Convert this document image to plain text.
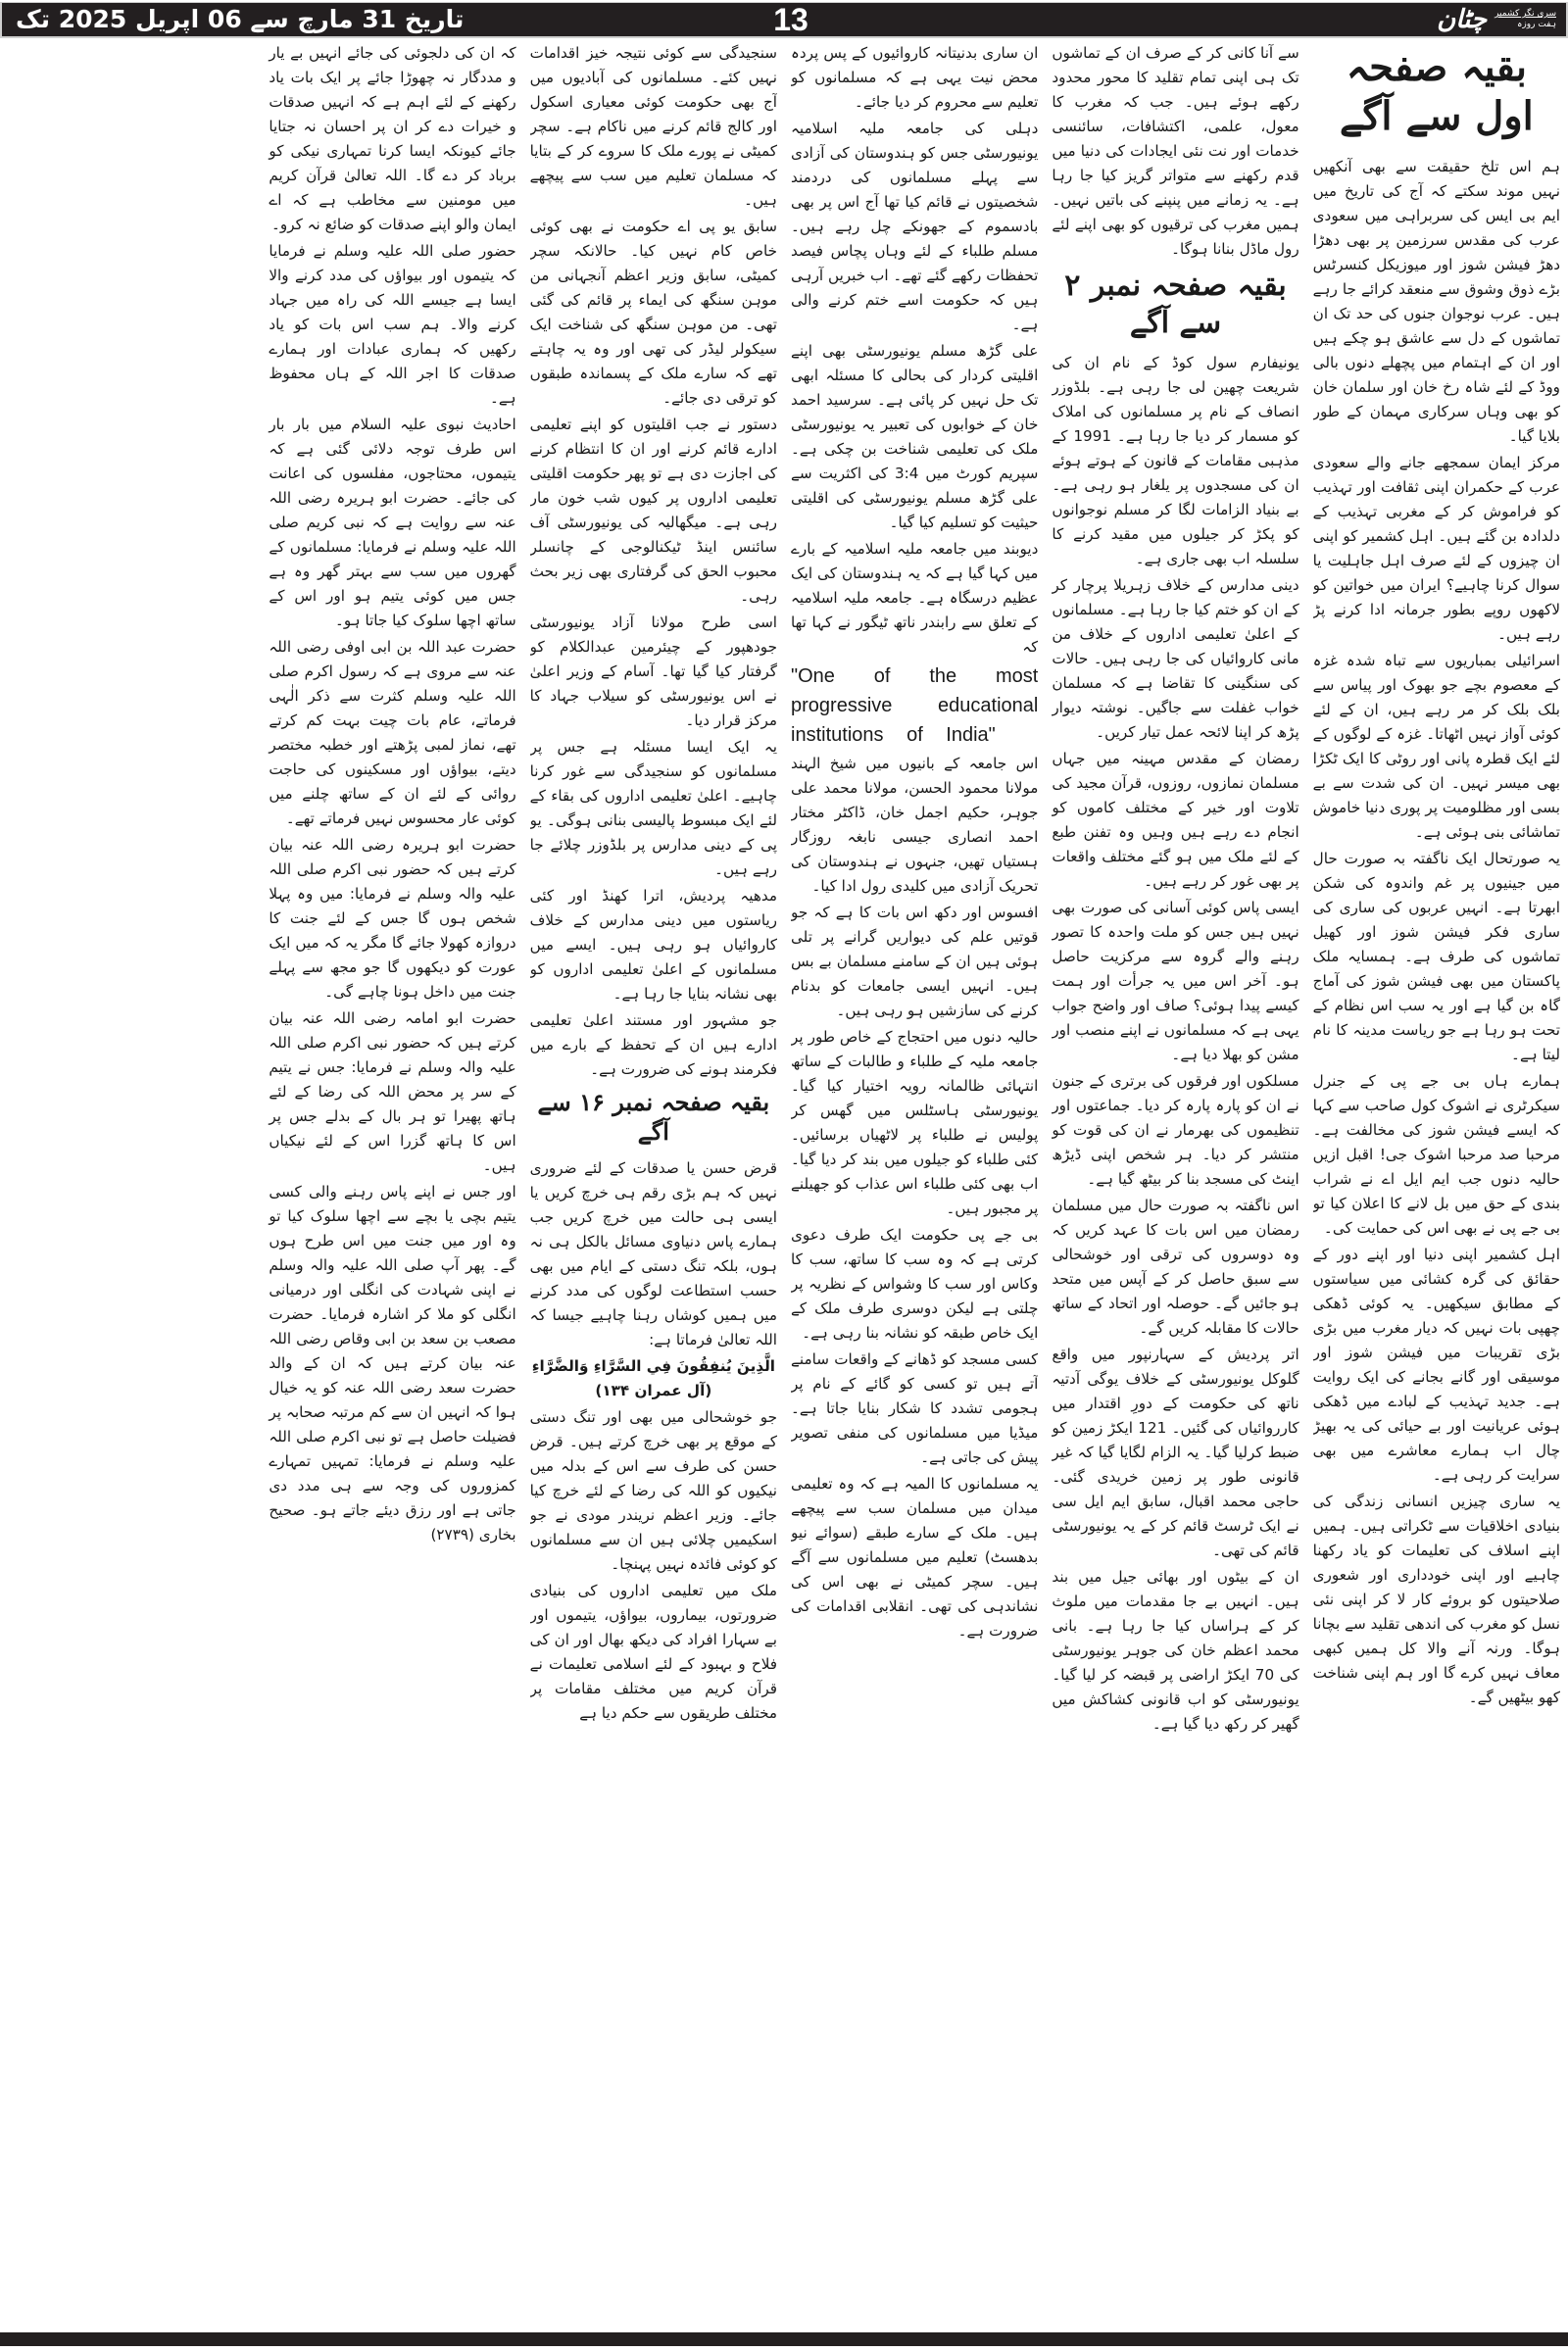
سری نگر کشمیر
ہفت روزہ
چٹان
13
تاریخ 31 مارچ سے 06 اپریل 2025 تک
بقیہ صفحہ اول سے آگے

ہم اس تلخ حقیقت سے بھی آنکھیں نہیں موند سکتے کہ آج کی تاریخ میں ایم بی ایس کی سربراہی میں سعودی عرب کی مقدس سرزمین پر بھی دھڑا دھڑ فیشن شوز اور میوزیکل کنسرٹس بڑے ذوق وشوق سے منعقد کرائے جا رہے ہیں۔ عرب نوجوان جنوں کی حد تک ان تماشوں کے دل سے عاشق ہو چکے ہیں اور ان کے اہتمام میں پچھلے دنوں بالی ووڈ کے لئے شاہ رخ خان اور سلمان خان کو بھی وہاں سرکاری مہمان کے طور بلایا گیا۔

مرکز ایمان سمجھے جانے والے سعودی عرب کے حکمران اپنی ثقافت اور تہذیب کو فراموش کر کے مغربی تہذیب کے دلدادہ بن گئے ہیں۔ اہل کشمیر کو اپنی ان چیزوں کے لئے صرف اہل جاہلیت یا سوال کرنا چاہیے؟ ایران میں خواتین کو لاکھوں روپے بطور جرمانہ ادا کرنے پڑ رہے ہیں۔

اسرائیلی بمباریوں سے تباہ شدہ غزہ کے معصوم بچے جو بھوک اور پیاس سے بلک بلک کر مر رہے ہیں، ان کے لئے کوئی آواز نہیں اٹھاتا۔ غزہ کے لوگوں کے لئے ایک قطرہ پانی اور روٹی کا ایک ٹکڑا بھی میسر نہیں۔ ان کی شدت سے بے بسی اور مظلومیت پر پوری دنیا خاموش تماشائی بنی ہوئی ہے۔

یہ صورتحال ایک ناگفتہ بہ صورت حال میں جینیوں پر غم واندوہ کی شکن ابھرتا ہے۔ انہیں عربوں کی ساری کی ساری فکر فیشن شوز اور کھیل تماشوں کی طرف ہے۔ ہمسایہ ملک پاکستان میں بھی فیشن شوز کی آماج گاہ بن گیا ہے اور یہ سب اس نظام کے تحت ہو رہا ہے جو ریاست مدینہ کا نام لیتا ہے۔

ہمارے ہاں بی جے پی کے جنرل سیکرٹری نے اشوک کول صاحب سے کہا کہ ایسے فیشن شوز کی مخالفت ہے۔ مرحبا صد مرحبا اشوک جی! اقبل ازیں حالیہ دنوں جب ایم ایل اے نے شراب بندی کے حق میں بل لانے کا اعلان کیا تو بی جے پی نے بھی اس کی حمایت کی۔

اہل کشمیر اپنی دنیا اور اپنے دور کے حقائق کی گرہ کشائی میں سیاستوں کے مطابق سیکھیں۔ یہ کوئی ڈھکی چھپی بات نہیں کہ دیار مغرب میں بڑی بڑی تقریبات میں فیشن شوز اور موسیقی اور گانے بجانے کی ایک روایت ہے۔ جدید تہذیب کے لبادے میں ڈھکی ہوئی عریانیت اور بے حیائی کی یہ بھیڑ چال اب ہمارے معاشرے میں بھی سرایت کر رہی ہے۔

یہ ساری چیزیں انسانی زندگی کی بنیادی اخلاقیات سے ٹکراتی ہیں۔ ہمیں اپنے اسلاف کی تعلیمات کو یاد رکھنا چاہیے اور اپنی خودداری اور شعوری صلاحیتوں کو بروئے کار لا کر اپنی نئی نسل کو مغرب کی اندھی تقلید سے بچانا ہوگا۔ ورنہ آنے والا کل ہمیں کبھی معاف نہیں کرے گا اور ہم اپنی شناخت کھو بیٹھیں گے۔

سے آنا کانی کر کے صرف ان کے تماشوں تک ہی اپنی تمام تقلید کا محور محدود رکھے ہوئے ہیں۔ جب کہ مغرب کا معول، علمی، اکتشافات، سائنسی خدمات اور نت نئی ایجادات کی دنیا میں قدم رکھنے سے متواتر گریز کیا جا رہا ہے۔ یہ زمانے میں پنپنے کی باتیں نہیں۔ ہمیں مغرب کی ترقیوں کو بھی اپنے لئے رول ماڈل بنانا ہوگا۔

بقیہ صفحہ نمبر ۲ سے آگے

یونیفارم سول کوڈ کے نام ان کی شریعت چھین لی جا رہی ہے۔ بلڈوزر انصاف کے نام پر مسلمانوں کی املاک کو مسمار کر دیا جا رہا ہے۔ 1991 کے مذہبی مقامات کے قانون کے ہوتے ہوئے ان کی مسجدوں پر یلغار ہو رہی ہے۔ بے بنیاد الزامات لگا کر مسلم نوجوانوں کو پکڑ کر جیلوں میں مقید کرنے کا سلسلہ اب بھی جاری ہے۔

دینی مدارس کے خلاف زہریلا پرچار کر کے ان کو ختم کیا جا رہا ہے۔ مسلمانوں کے اعلیٰ تعلیمی اداروں کے خلاف من مانی کاروائیاں کی جا رہی ہیں۔ حالات کی سنگینی کا تقاضا ہے کہ مسلمان خواب غفلت سے جاگیں۔ نوشتہ دیوار پڑھ کر اپنا لائحہ عمل تیار کریں۔

رمضان کے مقدس مہینہ میں جہاں مسلمان نمازوں، روزوں، قرآن مجید کی تلاوت اور خیر کے مختلف کاموں کو انجام دے رہے ہیں وہیں وہ تفنن طبع کے لئے ملک میں ہو گئے مختلف واقعات پر بھی غور کر رہے ہیں۔

ایسی پاس کوئی آسانی کی صورت بھی نہیں ہیں جس کو ملت واحدہ کا تصور رہنے والے گروہ سے مرکزیت حاصل ہو۔ آخر اس میں یہ جرأت اور ہمت کیسے پیدا ہوئی؟ صاف اور واضح جواب یہی ہے کہ مسلمانوں نے اپنے منصب اور مشن کو بھلا دیا ہے۔

مسلکوں اور فرقوں کی برتری کے جنون نے ان کو پارہ پارہ کر دیا۔ جماعتوں اور تنظیموں کی بھرمار نے ان کی قوت کو منتشر کر دیا۔ ہر شخص اپنی ڈیڑھ اینٹ کی مسجد بنا کر بیٹھ گیا ہے۔

اس ناگفتہ بہ صورت حال میں مسلمان رمضان میں اس بات کا عہد کریں کہ وہ دوسروں کی ترقی اور خوشحالی سے سبق حاصل کر کے آپس میں متحد ہو جائیں گے۔ حوصلہ اور اتحاد کے ساتھ حالات کا مقابلہ کریں گے۔

اتر پردیش کے سہارنپور میں واقع گلوکل یونیورسٹی کے خلاف یوگی آدتیہ ناتھ کی حکومت کے دورِ اقتدار میں کارروائیاں کی گئیں۔ 121 ایکڑ زمین کو ضبط کرلیا گیا۔ یہ الزام لگایا گیا کہ غیر قانونی طور پر زمین خریدی گئی۔ حاجی محمد اقبال، سابق ایم ایل سی نے ایک ٹرسٹ قائم کر کے یہ یونیورسٹی قائم کی تھی۔

ان کے بیٹوں اور بھائی جیل میں بند ہیں۔ انہیں بے جا مقدمات میں ملوث کر کے ہراساں کیا جا رہا ہے۔ بانی محمد اعظم خان کی جوہر یونیورسٹی کی 70 ایکڑ اراضی پر قبضہ کر لیا گیا۔ یونیورسٹی کو اب قانونی کشاکش میں گھیر کر رکھ دیا گیا ہے۔

ان ساری بدنیتانہ کاروائیوں کے پس پردہ محض نیت یہی ہے کہ مسلمانوں کو تعلیم سے محروم کر دیا جائے۔

دہلی کی جامعہ ملیہ اسلامیہ یونیورسٹی جس کو ہندوستان کی آزادی سے پہلے مسلمانوں کی دردمند شخصیتوں نے قائم کیا تھا آج اس پر بھی بادسموم کے جھونکے چل رہے ہیں۔ مسلم طلباء کے لئے وہاں پچاس فیصد تحفظات رکھے گئے تھے۔ اب خبریں آرہی ہیں کہ حکومت اسے ختم کرنے والی ہے۔

علی گڑھ مسلم یونیورسٹی بھی اپنے اقلیتی کردار کی بحالی کا مسئلہ ابھی تک حل نہیں کر پائی ہے۔ سرسید احمد خان کے خوابوں کی تعبیر یہ یونیورسٹی ملک کی تعلیمی شناخت بن چکی ہے۔ سپریم کورٹ میں 3:4 کی اکثریت سے علی گڑھ مسلم یونیورسٹی کی اقلیتی حیثیت کو تسلیم کیا گیا۔

دیوبند میں جامعہ ملیہ اسلامیہ کے بارے میں کہا گیا ہے کہ یہ ہندوستان کی ایک عظیم درسگاہ ہے۔ جامعہ ملیہ اسلامیہ کے تعلق سے رابندر ناتھ ٹیگور نے کہا تھا کہ

"One of the most progressive educational institutions of India"

اس جامعہ کے بانیوں میں شیخ الہند مولانا محمود الحسن، مولانا محمد علی جوہر، حکیم اجمل خان، ڈاکٹر مختار احمد انصاری جیسی نابغہ روزگار ہستیاں تھیں، جنہوں نے ہندوستان کی تحریک آزادی میں کلیدی رول ادا کیا۔

افسوس اور دکھ اس بات کا ہے کہ جو قوتیں علم کی دیواریں گرانے پر تلی ہوئی ہیں ان کے سامنے مسلمان بے بس ہیں۔ انہیں ایسی جامعات کو بدنام کرنے کی سازشیں ہو رہی ہیں۔

حالیہ دنوں میں احتجاج کے خاص طور پر جامعہ ملیہ کے طلباء و طالبات کے ساتھ انتہائی ظالمانہ رویہ اختیار کیا گیا۔ یونیورسٹی ہاسٹلس میں گھس کر پولیس نے طلباء پر لاٹھیاں برسائیں۔ کئی طلباء کو جیلوں میں بند کر دیا گیا۔ اب بھی کئی طلباء اس عذاب کو جھیلنے پر مجبور ہیں۔

بی جے پی حکومت ایک طرف دعوی کرتی ہے کہ وہ سب کا ساتھ، سب کا وکاس اور سب کا وشواس کے نظریہ پر چلتی ہے لیکن دوسری طرف ملک کے ایک خاص طبقہ کو نشانہ بنا رہی ہے۔

کسی مسجد کو ڈھانے کے واقعات سامنے آتے ہیں تو کسی کو گائے کے نام پر ہجومی تشدد کا شکار بنایا جاتا ہے۔ میڈیا میں مسلمانوں کی منفی تصویر پیش کی جاتی ہے۔

یہ مسلمانوں کا المیہ ہے کہ وہ تعلیمی میدان میں مسلمان سب سے پیچھے ہیں۔ ملک کے سارے طبقے (سوائے نیو بدھسٹ) تعلیم میں مسلمانوں سے آگے ہیں۔ سچر کمیٹی نے بھی اس کی نشاندہی کی تھی۔ انقلابی اقدامات کی ضرورت ہے۔

سنجیدگی سے کوئی نتیجہ خیز اقدامات نہیں کئے۔ مسلمانوں کی آبادیوں میں آج بھی حکومت کوئی معیاری اسکول اور کالج قائم کرنے میں ناکام ہے۔ سچر کمیٹی نے پورے ملک کا سروے کر کے بتایا کہ مسلمان تعلیم میں سب سے پیچھے ہیں۔

سابق یو پی اے حکومت نے بھی کوئی خاص کام نہیں کیا۔ حالانکہ سچر کمیٹی، سابق وزیر اعظم آنجہانی من موہن سنگھ کی ایماء پر قائم کی گئی تھی۔ من موہن سنگھ کی شناخت ایک سیکولر لیڈر کی تھی اور وہ یہ چاہتے تھے کہ سارے ملک کے پسماندہ طبقوں کو ترقی دی جائے۔

دستور نے جب اقلیتوں کو اپنے تعلیمی ادارے قائم کرنے اور ان کا انتظام کرنے کی اجازت دی ہے تو پھر حکومت اقلیتی تعلیمی اداروں پر کیوں شب خون مار رہی ہے۔ میگھالیہ کی یونیورسٹی آف سائنس اینڈ ٹیکنالوجی کے چانسلر محبوب الحق کی گرفتاری بھی زیر بحث رہی۔

اسی طرح مولانا آزاد یونیورسٹی جودھپور کے چیئرمین عبدالکلام کو گرفتار کیا گیا تھا۔ آسام کے وزیر اعلیٰ نے اس یونیورسٹی کو سیلاب جہاد کا مرکز قرار دیا۔

یہ ایک ایسا مسئلہ ہے جس پر مسلمانوں کو سنجیدگی سے غور کرنا چاہیے۔ اعلیٰ تعلیمی اداروں کی بقاء کے لئے ایک مبسوط پالیسی بنانی ہوگی۔ یو پی کے دینی مدارس پر بلڈوزر چلائے جا رہے ہیں۔

مدھیہ پردیش، اترا کھنڈ اور کئی ریاستوں میں دینی مدارس کے خلاف کاروائیاں ہو رہی ہیں۔ ایسے میں مسلمانوں کے اعلیٰ تعلیمی اداروں کو بھی نشانہ بنایا جا رہا ہے۔

جو مشہور اور مستند اعلیٰ تعلیمی ادارے ہیں ان کے تحفظ کے بارے میں فکرمند ہونے کی ضرورت ہے۔

بقیہ صفحہ نمبر ۱۶ سے آگے

قرض حسن یا صدقات کے لئے ضروری نہیں کہ ہم بڑی رقم ہی خرچ کریں یا ایسی ہی حالت میں خرچ کریں جب ہمارے پاس دنیاوی مسائل بالکل ہی نہ ہوں، بلکہ تنگ دستی کے ایام میں بھی حسب استطاعت لوگوں کی مدد کرنے میں ہمیں کوشاں رہنا چاہیے جیسا کہ اللہ تعالیٰ فرماتا ہے:

الَّذِينَ يُنفِقُونَ فِي السَّرَّاءِ وَالضَّرَّاءِ (آل عمران ۱۳۴)

جو خوشحالی میں بھی اور تنگ دستی کے موقع پر بھی خرچ کرتے ہیں۔ قرض حسن کی طرف سے اس کے بدلہ میں نیکیوں کو اللہ کی رضا کے لئے خرچ کیا جائے۔ وزیر اعظم نریندر مودی نے جو اسکیمیں چلائی ہیں ان سے مسلمانوں کو کوئی فائدہ نہیں پہنچا۔

ملک میں تعلیمی اداروں کی بنیادی ضرورتوں، بیماروں، بیواؤں، یتیموں اور بے سہارا افراد کی دیکھ بھال اور ان کی فلاح و بہبود کے لئے اسلامی تعلیمات نے قرآن کریم میں مختلف مقامات پر مختلف طریقوں سے حکم دیا ہے

کہ ان کی دلجوئی کی جائے انہیں بے یار و مددگار نہ چھوڑا جائے پر ایک بات یاد رکھنے کے لئے اہم ہے کہ انہیں صدقات و خیرات دے کر ان پر احسان نہ جتایا جائے کیونکہ ایسا کرنا تمہاری نیکی کو برباد کر دے گا۔ اللہ تعالیٰ قرآن کریم میں مومنین سے مخاطب ہے کہ اے ایمان والو اپنے صدقات کو ضائع نہ کرو۔

حضور صلی اللہ علیہ وسلم نے فرمایا کہ یتیموں اور بیواؤں کی مدد کرنے والا ایسا ہے جیسے اللہ کی راہ میں جہاد کرنے والا۔ ہم سب اس بات کو یاد رکھیں کہ ہماری عبادات اور ہمارے صدقات کا اجر اللہ کے ہاں محفوظ ہے۔

احادیث نبوی علیہ السلام میں بار بار اس طرف توجہ دلائی گئی ہے کہ یتیموں، محتاجوں، مفلسوں کی اعانت کی جائے۔ حضرت ابو ہریرہ رضی اللہ عنہ سے روایت ہے کہ نبی کریم صلی اللہ علیہ وسلم نے فرمایا: مسلمانوں کے گھروں میں سب سے بہتر گھر وہ ہے جس میں کوئی یتیم ہو اور اس کے ساتھ اچھا سلوک کیا جاتا ہو۔

حضرت عبد اللہ بن ابی اوفی رضی اللہ عنہ سے مروی ہے کہ رسول اکرم صلی اللہ علیہ وسلم کثرت سے ذکر الٰہی فرماتے، عام بات چیت بہت کم کرتے تھے، نماز لمبی پڑھتے اور خطبہ مختصر دیتے، بیواؤں اور مسکینوں کی حاجت روائی کے لئے ان کے ساتھ چلنے میں کوئی عار محسوس نہیں فرماتے تھے۔

حضرت ابو ہریرہ رضی اللہ عنہ بیان کرتے ہیں کہ حضور نبی اکرم صلی اللہ علیہ والہ وسلم نے فرمایا: میں وہ پہلا شخص ہوں گا جس کے لئے جنت کا دروازہ کھولا جائے گا مگر یہ کہ میں ایک عورت کو دیکھوں گا جو مجھ سے پہلے جنت میں داخل ہونا چاہے گی۔

حضرت ابو امامہ رضی اللہ عنہ بیان کرتے ہیں کہ حضور نبی اکرم صلی اللہ علیہ والہ وسلم نے فرمایا: جس نے یتیم کے سر پر محض اللہ کی رضا کے لئے ہاتھ پھیرا تو ہر بال کے بدلے جس پر اس کا ہاتھ گزرا اس کے لئے نیکیاں ہیں۔

اور جس نے اپنے پاس رہنے والی کسی یتیم بچی یا بچے سے اچھا سلوک کیا تو وہ اور میں جنت میں اس طرح ہوں گے۔ پھر آپ صلی اللہ علیہ والہ وسلم نے اپنی شہادت کی انگلی اور درمیانی انگلی کو ملا کر اشارہ فرمایا۔ حضرت مصعب بن سعد بن ابی وقاص رضی اللہ عنہ بیان کرتے ہیں کہ ان کے والد حضرت سعد رضی اللہ عنہ کو یہ خیال ہوا کہ انہیں ان سے کم مرتبہ صحابہ پر فضیلت حاصل ہے تو نبی اکرم صلی اللہ علیہ وسلم نے فرمایا: تمہیں تمہارے کمزوروں کی وجہ سے ہی مدد دی جاتی ہے اور رزق دیئے جاتے ہو۔ صحیح بخاری (۲۷۳۹)
